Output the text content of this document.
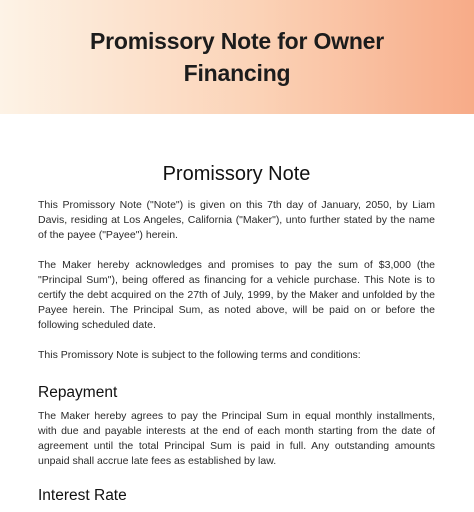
Promissory Note for Owner Financing
Promissory Note

This Promissory Note ("Note") is given on this 7th day of January, 2050, by Liam Davis, residing at Los Angeles, California ("Maker"), unto further stated by the name of the payee ("Payee") herein.

The Maker hereby acknowledges and promises to pay the sum of $3,000 (the "Principal Sum"), being offered as financing for a vehicle purchase. This Note is to certify the debt acquired on the 27th of July, 1999, by the Maker and unfolded by the Payee herein. The Principal Sum, as noted above, will be paid on or before the following scheduled date.

This Promissory Note is subject to the following terms and conditions:

Repayment

The Maker hereby agrees to pay the Principal Sum in equal monthly installments, with due and payable interests at the end of each month starting from the date of agreement until the total Principal Sum is paid in full. Any outstanding amounts unpaid shall accrue late fees as established by law.

Interest Rate
